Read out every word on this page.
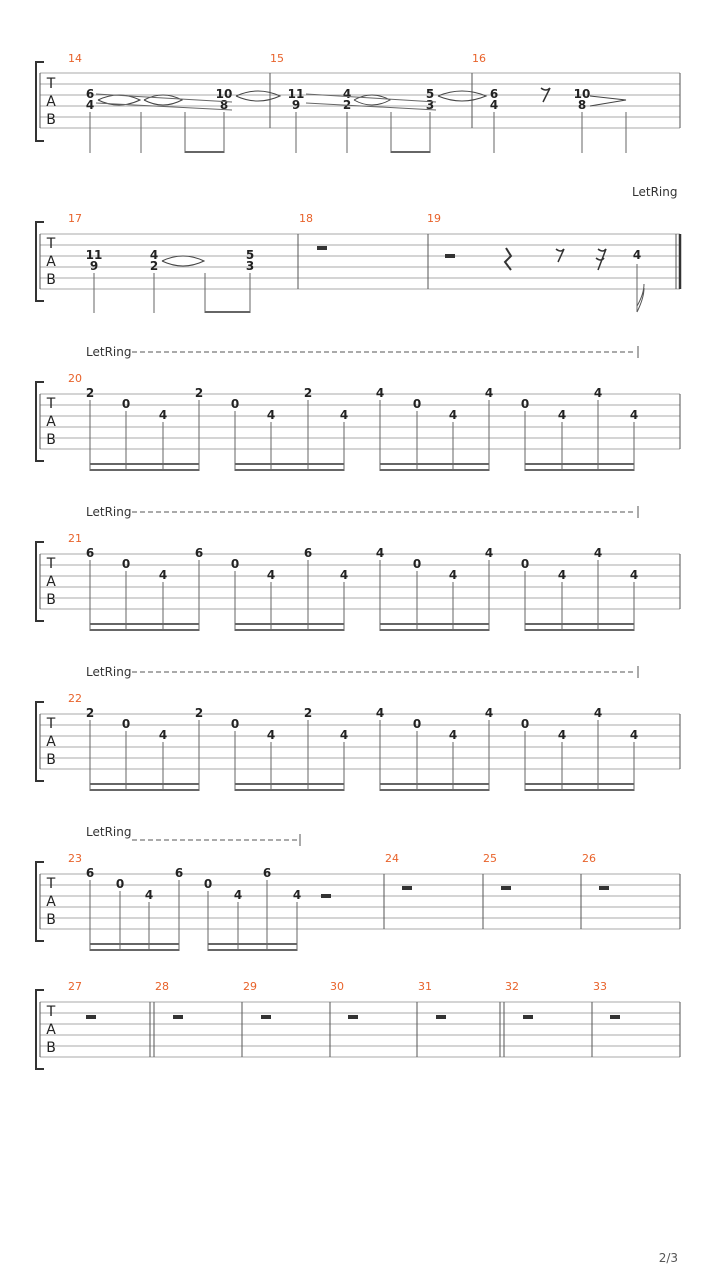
T
A
B
14	15	16
6
4
10
8
11
9
4	5
3
6
4
10
8
LetRing
T
A
B
17	18	19
11
9
4
2
5
3
4
LetRing
T
A
B
20
2
0
4
2
0
4
2
4
4
0
4
4
0
4
4
4
LetRing
T
A
B
21
6
0
4
6
0
4
6
4
4
0
4
4
0
4
4
4
LetRing
T
A
B
22
2
0
4
2
0
4
2
4
4
0
4
4
0
4
4
4
LetRing
T
A
B
23	24	25	26
6
0
4
6
0
4
6
4
T
A
B
27	28	29	30	31	32	33
2/3
